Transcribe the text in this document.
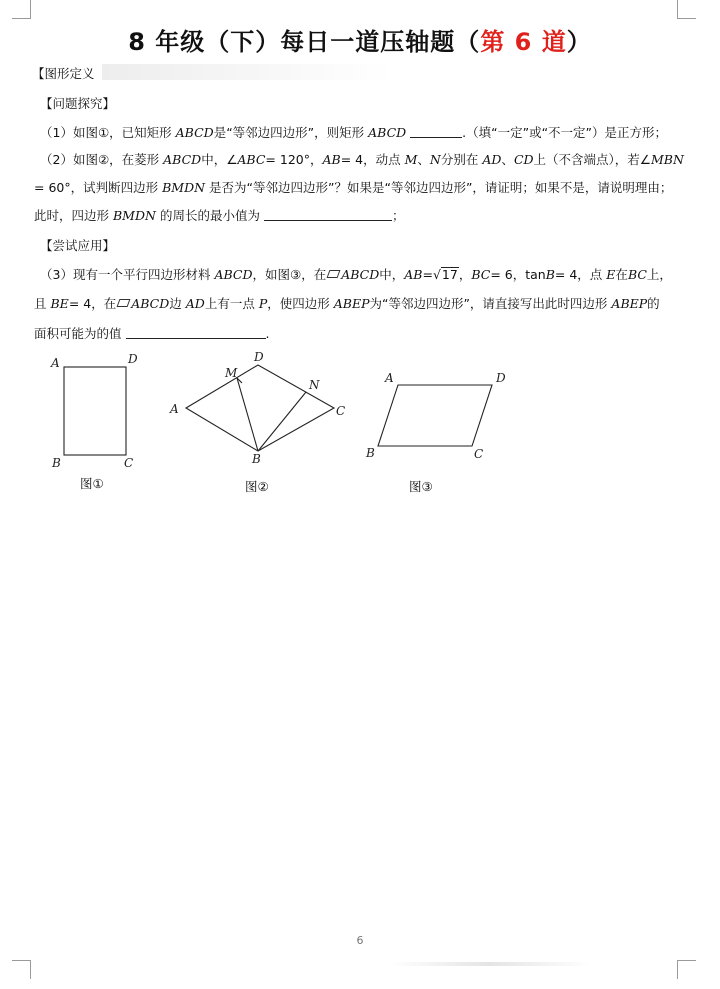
8 年级（下）每日一道压轴题（第 6 道）
【图形定义
【问题探究】
（1）如图①，已知矩形 ABCD是“等邻边四边形”，则矩形 ABCD	.（填“一定”或“不一定”）是正方形；
（2）如图②，在菱形 ABCD中，∠ABC= 120°，AB= 4，动点 M、N分别在 AD、CD上（不含端点），若∠MBN
= 60°，试判断四边形 BMDN 是否为“等邻边四边形”？如果是“等邻边四边形”，请证明；如果不是，请说明理由；
此时，四边形 BMDN 的周长的最小值为	；
【尝试应用】
（3）现有一个平行四边形材料 ABCD，如图③，在 ABCD中，AB=√17，BC= 6，tanB= 4，点 E在BC上，
且 BE= 4，在 ABCD边 AD上有一点 P，使四边形 ABEP为“等邻边四边形”，请直接写出此时四边形 ABEP的
面积可能为的值	.
A	D
B	C
A
D
M
N
C
B
A	D
B	C
图①	图②	图③
6
